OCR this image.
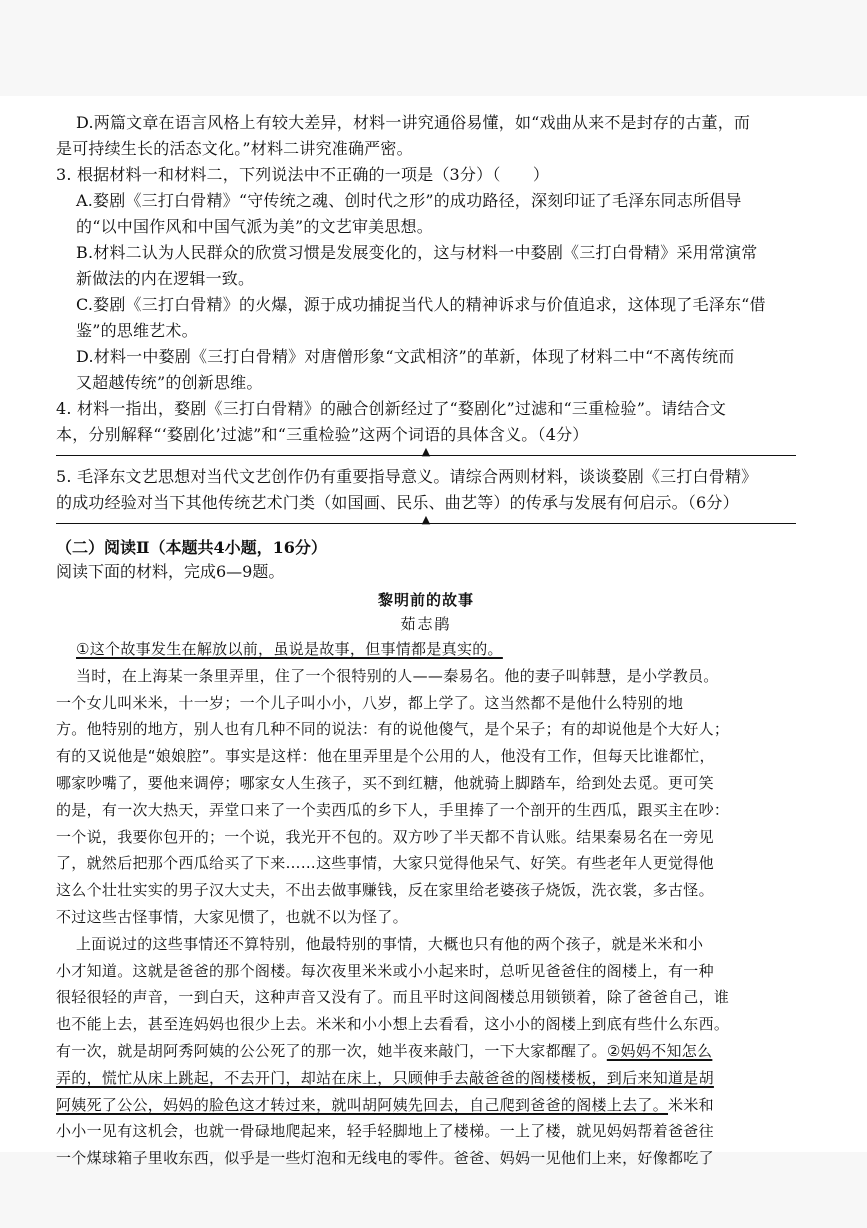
D.两篇文章在语言风格上有较大差异，材料一讲究通俗易懂，如“戏曲从来不是封存的古董，而

是可持续生长的活态文化。”材料二讲究准确严密。

3. 根据材料一和材料二，下列说法中不正确的一项是（3分）（　　）

A.婺剧《三打白骨精》“守传统之魂、创时代之形”的成功路径，深刻印证了毛泽东同志所倡导

的“以中国作风和中国气派为美”的文艺审美思想。

B.材料二认为人民群众的欣赏习惯是发展变化的，这与材料一中婺剧《三打白骨精》采用常演常

新做法的内在逻辑一致。

C.婺剧《三打白骨精》的火爆，源于成功捕捉当代人的精神诉求与价值追求，这体现了毛泽东“借

鉴”的思维艺术。

D.材料一中婺剧《三打白骨精》对唐僧形象“文武相济”的革新，体现了材料二中“不离传统而

又超越传统”的创新思维。

4. 材料一指出，婺剧《三打白骨精》的融合创新经过了“婺剧化”过滤和“三重检验”。请结合文

本，分别解释“‘婺剧化’过滤”和“三重检验”这两个词语的具体含义。（4分）

▲

5. 毛泽东文艺思想对当代文艺创作仍有重要指导意义。请综合两则材料，谈谈婺剧《三打白骨精》

的成功经验对当下其他传统艺术门类（如国画、民乐、曲艺等）的传承与发展有何启示。（6分）

▲

（二）阅读Ⅱ（本题共4小题，16分）

阅读下面的材料，完成6—9题。

黎明前的故事

茹志鹃

①这个故事发生在解放以前，虽说是故事，但事情都是真实的。

当时，在上海某一条里弄里，住了一个很特别的人——秦易名。他的妻子叫韩慧，是小学教员。

一个女儿叫米米，十一岁；一个儿子叫小小，八岁，都上学了。这当然都不是他什么特别的地

方。他特别的地方，别人也有几种不同的说法：有的说他傻气，是个呆子；有的却说他是个大好人；

有的又说他是“娘娘腔”。事实是这样：他在里弄里是个公用的人，他没有工作，但每天比谁都忙，

哪家吵嘴了，要他来调停；哪家女人生孩子，买不到红糖，他就骑上脚踏车，给到处去觅。更可笑

的是，有一次大热天，弄堂口来了一个卖西瓜的乡下人，手里捧了一个剖开的生西瓜，跟买主在吵：

一个说，我要你包开的；一个说，我光开不包的。双方吵了半天都不肯认账。结果秦易名在一旁见

了，就然后把那个西瓜给买了下来……这些事情，大家只觉得他呆气、好笑。有些老年人更觉得他

这么个壮壮实实的男子汉大丈夫，不出去做事赚钱，反在家里给老婆孩子烧饭，洗衣裳，多古怪。

不过这些古怪事情，大家见惯了，也就不以为怪了。

上面说过的这些事情还不算特别，他最特别的事情，大概也只有他的两个孩子，就是米米和小

小才知道。这就是爸爸的那个阁楼。每次夜里米米或小小起来时，总听见爸爸住的阁楼上，有一种

很轻很轻的声音，一到白天，这种声音又没有了。而且平时这间阁楼总用锁锁着，除了爸爸自己，谁

也不能上去，甚至连妈妈也很少上去。米米和小小想上去看看，这小小的阁楼上到底有些什么东西。

有一次，就是胡阿秀阿姨的公公死了的那一次，她半夜来敲门，一下大家都醒了。②妈妈不知怎么

弄的，慌忙从床上跳起，不去开门，却站在床上，只顾伸手去敲爸爸的阁楼楼板，到后来知道是胡

阿姨死了公公，妈妈的脸色这才转过来，就叫胡阿姨先回去，自己爬到爸爸的阁楼上去了。米米和

小小一见有这机会，也就一骨碌地爬起来，轻手轻脚地上了楼梯。一上了楼，就见妈妈帮着爸爸往

一个煤球箱子里收东西，似乎是一些灯泡和无线电的零件。爸爸、妈妈一见他们上来，好像都吃了
